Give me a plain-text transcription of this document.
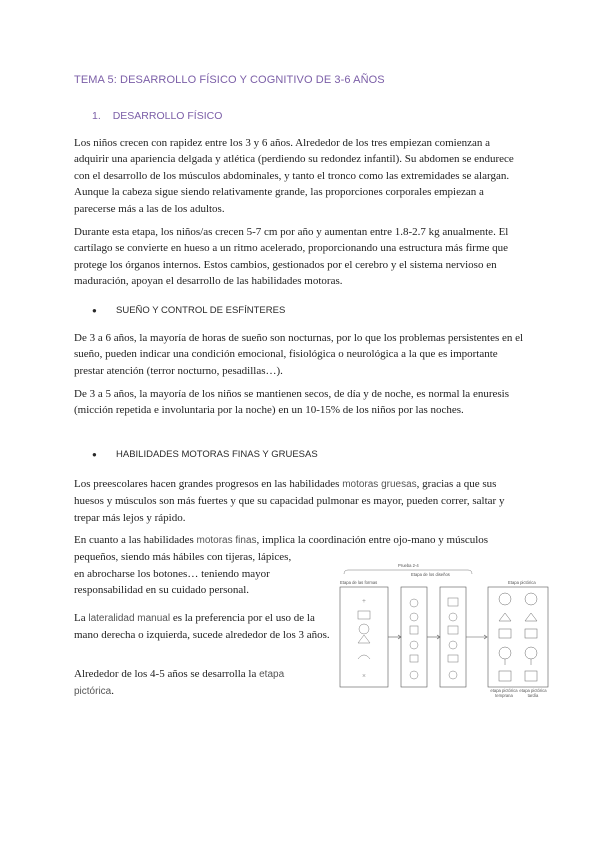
TEMA 5: DESARROLLO FÍSICO Y COGNITIVO DE 3-6 AÑOS
1. DESARROLLO FÍSICO

Los niños crecen con rapidez entre los 3 y 6 años. Alrededor de los tres empiezan comienzan a adquirir una apariencia delgada y atlética (perdiendo su redondez infantil). Su abdomen se endurece con el desarrollo de los músculos abdominales, y tanto el tronco como las extremidades se alargan. Aunque la cabeza sigue siendo relativamente grande, las proporciones corporales empiezan a parecerse más a las de los adultos.

Durante esta etapa, los niños/as crecen 5-7 cm por año y aumentan entre 1.8-2.7 kg anualmente. El cartílago se convierte en hueso a un ritmo acelerado, proporcionando una estructura más firme que protege los órganos internos. Estos cambios, gestionados por el cerebro y el sistema nervioso en maduración, apoyan el desarrollo de las habilidades motoras.

● SUEÑO Y CONTROL DE ESFÍNTERES

De 3 a 6 años, la mayoría de horas de sueño son nocturnas, por lo que los problemas persistentes en el sueño, pueden indicar una condición emocional, fisiológica o neurológica a la que es importante prestar atención (terror nocturno, pesadillas…).

De 3 a 5 años, la mayoría de los niños se mantienen secos, de día y de noche, es normal la enuresis (micción repetida e involuntaria por la noche) en un 10-15% de los niños por las noches.

● HABILIDADES MOTORAS FINAS Y GRUESAS

Los preescolares hacen grandes progresos en las habilidades motoras gruesas, gracias a que sus huesos y músculos son más fuertes y que su capacidad pulmonar es mayor, pueden correr, saltar y trepar más lejos y rápido.

En cuanto a las habilidades motoras finas, implica la coordinación entre ojo-mano y músculos pequeños, siendo más hábiles con tijeras, lápices,

en abrocharse los botones… teniendo mayor

responsabilidad en su cuidado personal.

La lateralidad manual es la preferencia por el uso de la mano derecha o izquierda, sucede alrededor de los 3 años.

Alrededor de los 4-5 años se desarrolla la etapa pictórica.

Prueba 2-4
Etapa de los diseños
Etapa de las formas	Etapa pictórica
+
×
etapa pictórica temprana
etapa pictórica tardía
